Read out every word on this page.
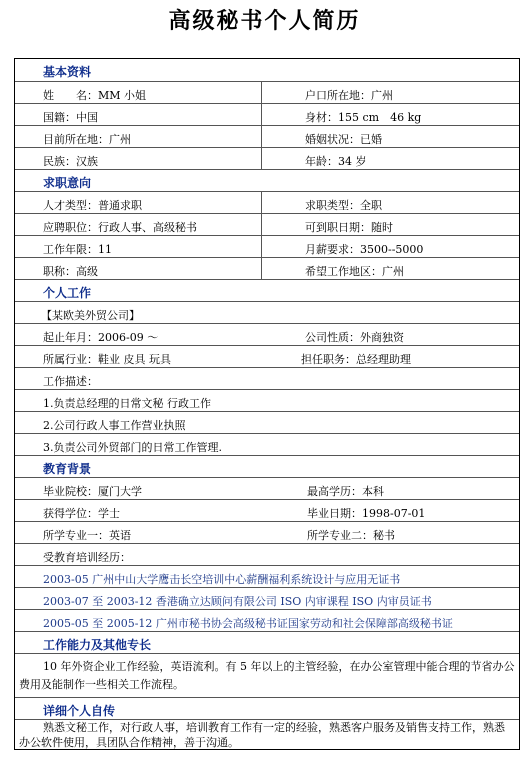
高级秘书个人简历
基本资料
姓　　名：MM 小姐	户口所在地：广州
国籍：中国	身材：155 cm　46 kg
目前所在地：广州	婚姻状况：已婚
民族：汉族	年龄：34 岁
求职意向
人才类型：普通求职	求职类型：全职
应聘职位：行政人事、高级秘书	可到职日期：随时
工作年限：11	月薪要求：3500--5000
职称：高级	希望工作地区：广州
个人工作
【某欧美外贸公司】
起止年月：2006-09 ～	公司性质：外商独资
所属行业：鞋业 皮具 玩具	担任职务：总经理助理
工作描述：
1.负责总经理的日常文秘 行政工作
2.公司行政人事工作营业执照
3.负责公司外贸部门的日常工作管理.
教育背景
毕业院校：厦门大学	最高学历：本科
获得学位：学士	毕业日期：1998-07-01
所学专业一：英语	所学专业二：秘书
受教育培训经历：
2003-05 广州中山大学鹰击长空培训中心薪酬福利系统设计与应用无证书
2003-07 至 2003-12 香港确立达顾问有限公司 ISO 内审课程 ISO 内审员证书
2005-05 至 2005-12 广州市秘书协会高级秘书证国家劳动和社会保障部高级秘书证
工作能力及其他专长
10 年外资企业工作经验，英语流利。有 5 年以上的主管经验，在办公室管理中能合理的节省办公费用及能制作一些相关工作流程。
详细个人自传
熟悉文秘工作，对行政人事，培训教育工作有一定的经验，熟悉客户服务及销售支持工作，熟悉办公软件使用，具团队合作精神，善于沟通。
